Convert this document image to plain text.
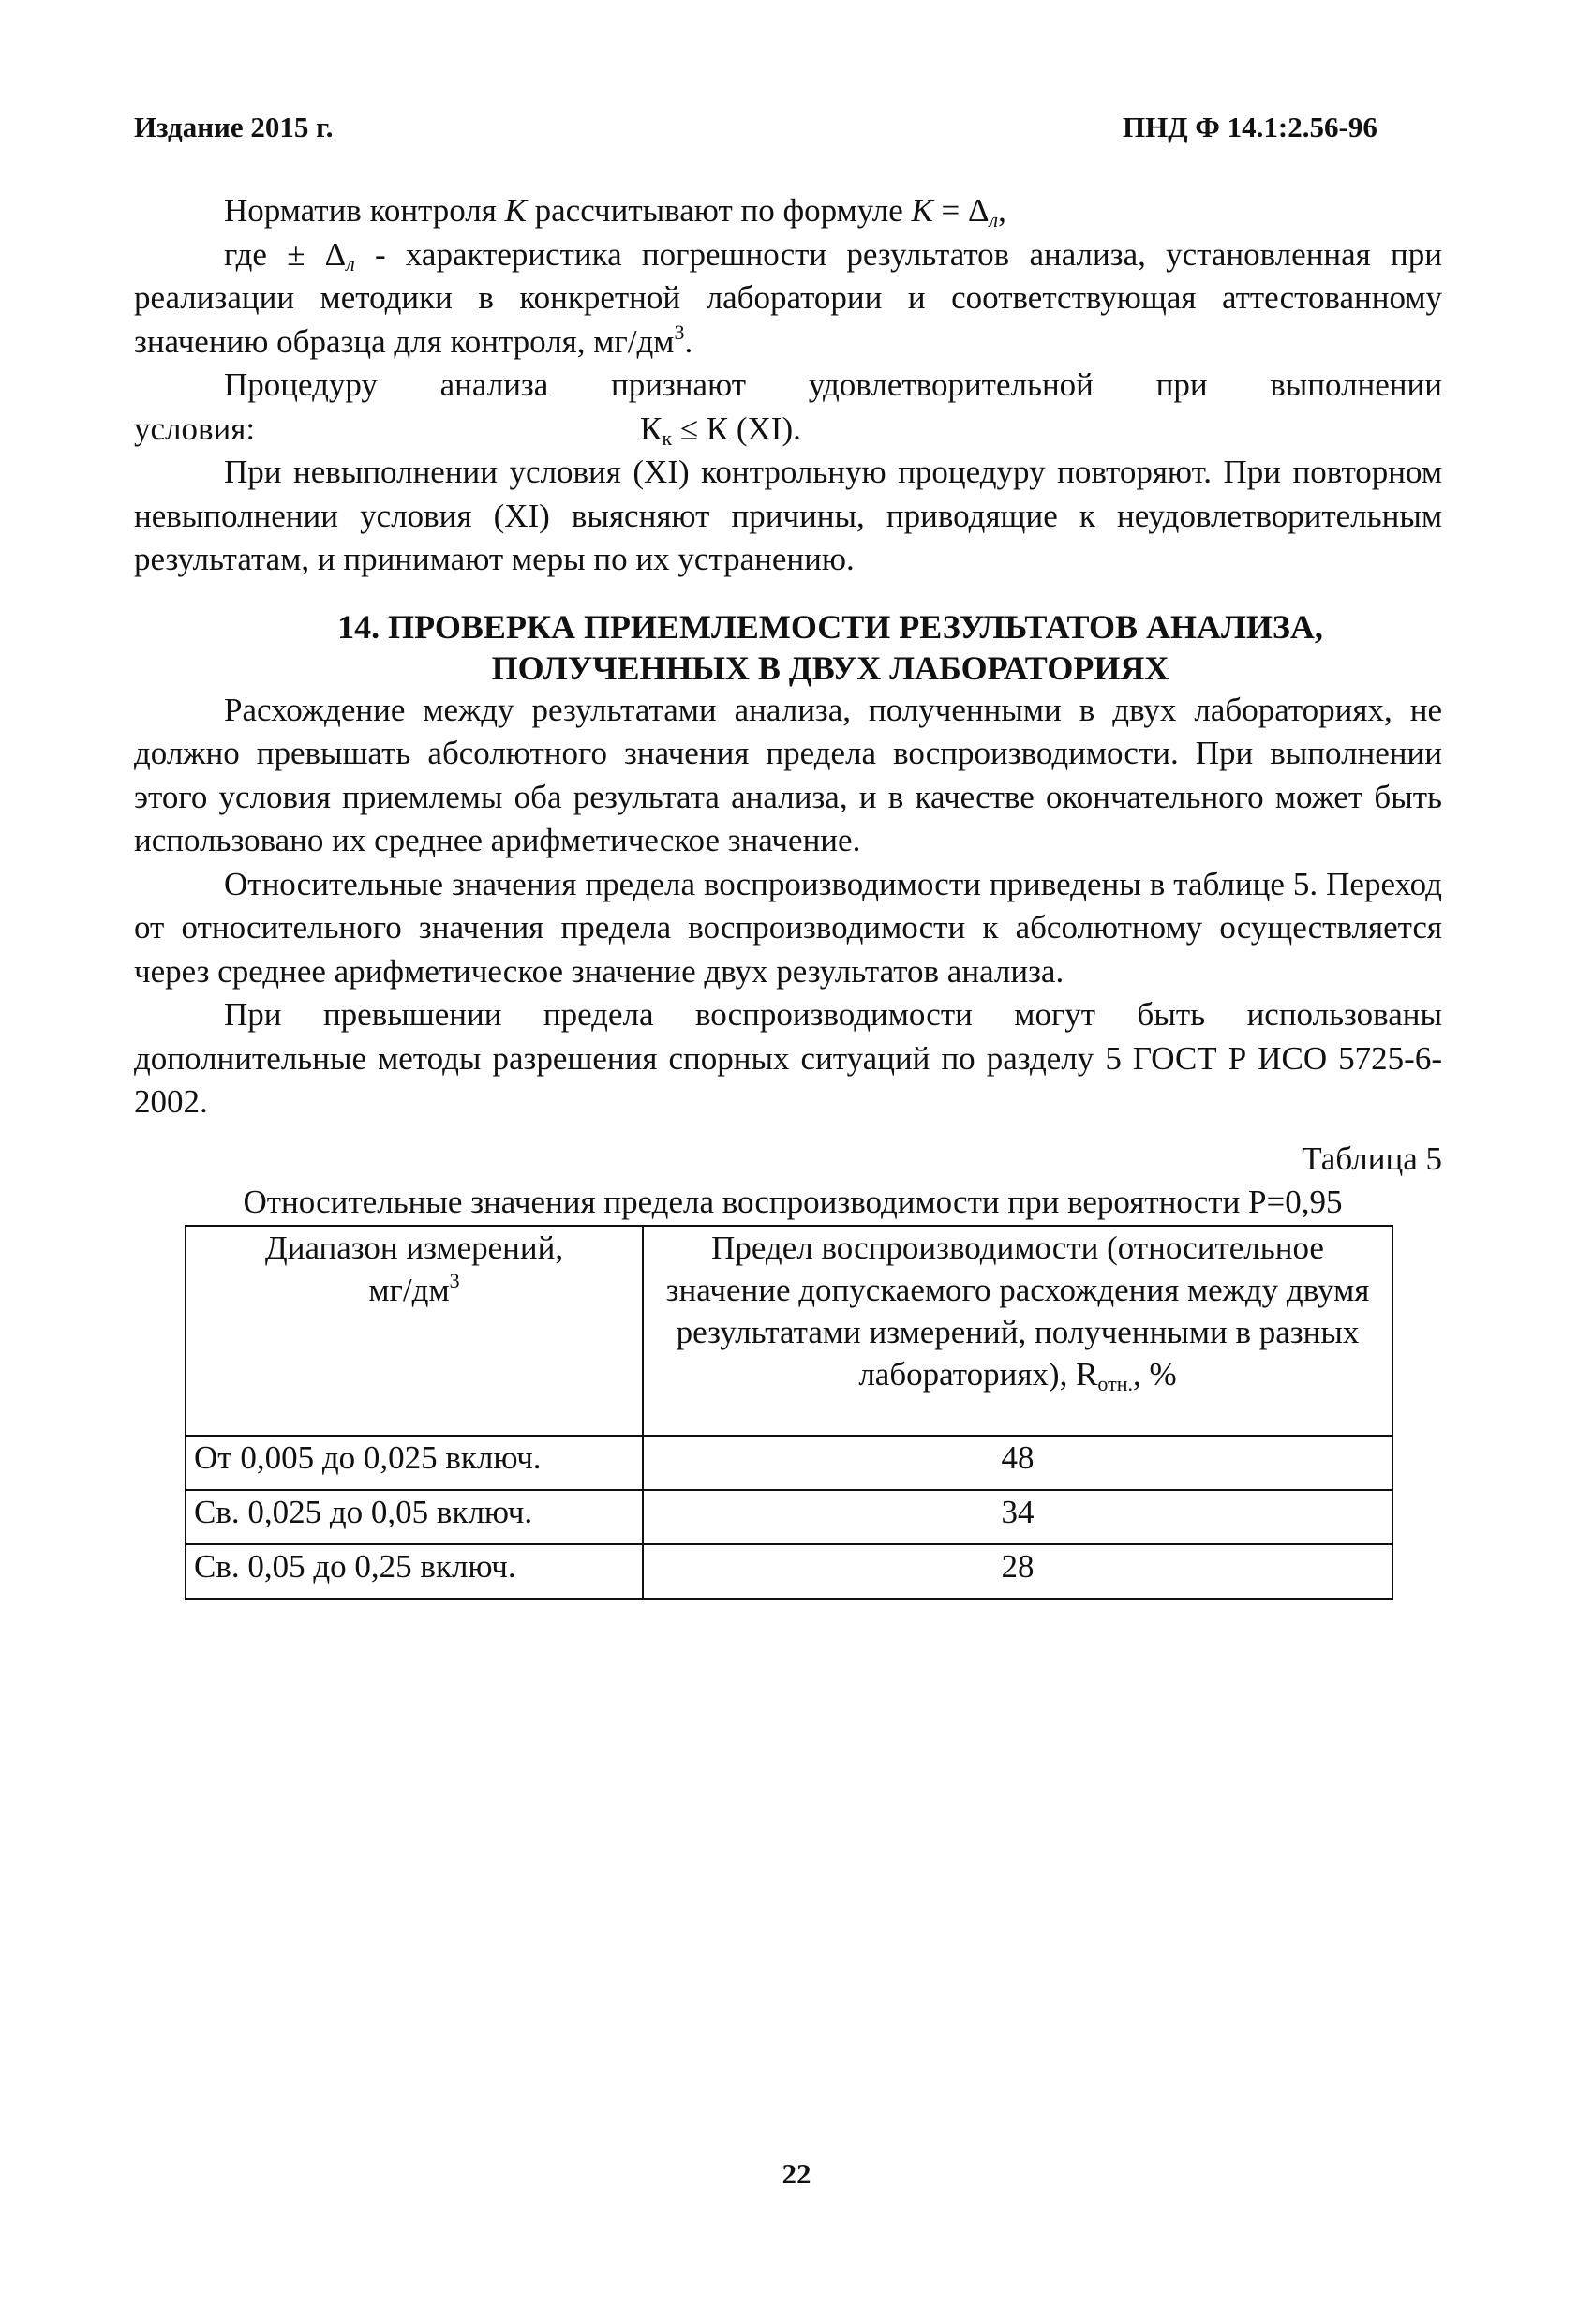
Издание 2015 г.	ПНД Ф 14.1:2.56-96
Норматив контроля К рассчитывают по формуле $К = \Delta_л$,
где ± $\Delta_л$ - характеристика погрешности результатов анализа, установленная при реализации методики в конкретной лаборатории и соответствующая аттестованному значению образца для контроля, $мг/дм^3$.
Процедуру анализа признают удовлетворительной при выполнении
условия:	$К_к \le К$ (XI).
При невыполнении условия (XI) контрольную процедуру повторяют. При повторном невыполнении условия (XI) выясняют причины, приводящие к неудовлетворительным результатам, и принимают меры по их устранению.
14. ПРОВЕРКА ПРИЕМЛЕМОСТИ РЕЗУЛЬТАТОВ АНАЛИЗА,
ПОЛУЧЕННЫХ В ДВУХ ЛАБОРАТОРИЯХ
Расхождение между результатами анализа, полученными в двух лабораториях, не должно превышать абсолютного значения предела воспроизводимости. При выполнении этого условия приемлемы оба результата анализа, и в качестве окончательного может быть использовано их среднее арифметическое значение.
Относительные значения предела воспроизводимости приведены в таблице 5. Переход от относительного значения предела воспроизводимости к абсолютному осуществляется через среднее арифметическое значение двух результатов анализа.
При превышении предела воспроизводимости могут быть использованы дополнительные методы разрешения спорных ситуаций по разделу 5 ГОСТ Р ИСО 5725-6-2002.
Таблица 5
Относительные значения предела воспроизводимости при вероятности Р=0,95
Диапазон измерений,
$мг/дм^3$	Предел воспроизводимости (относительное значение допускаемого расхождения между двумя результатами измерений, полученными в разных лабораториях), $R_{отн.}$, %
От 0,005 до 0,025 включ.	48
Св. 0,025 до 0,05 включ.	34
Св. 0,05 до 0,25 включ.	28
22
